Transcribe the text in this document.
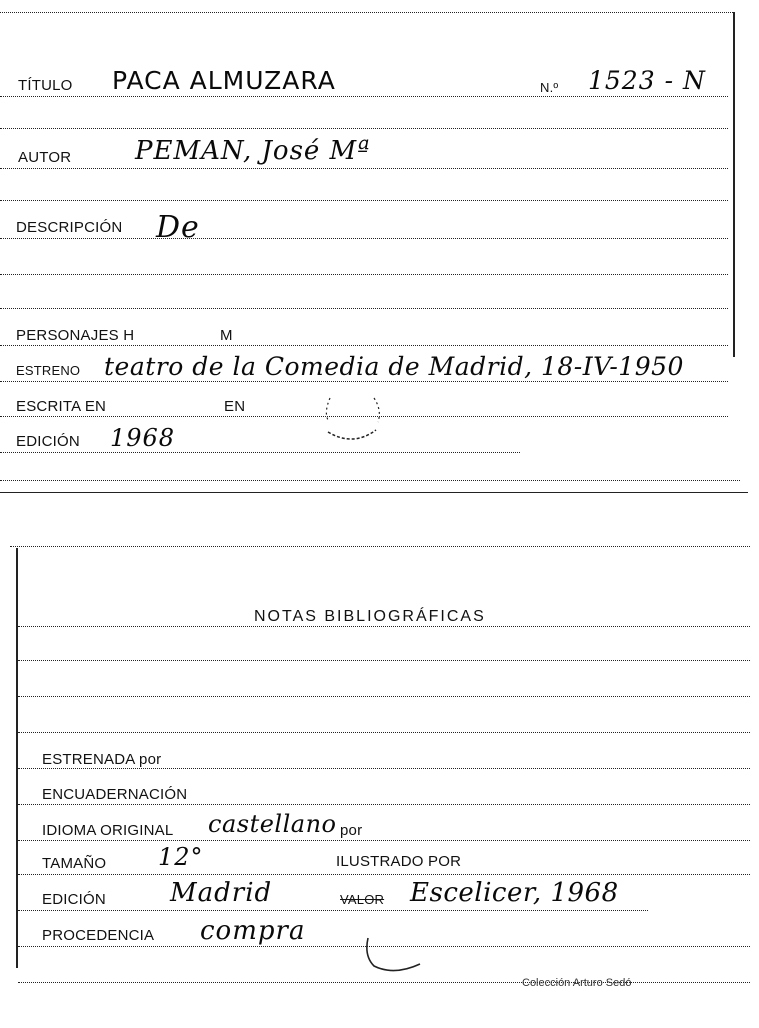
TÍTULO PACA ALMUZARA	N.º 1523 - N
AUTOR PEMAN, José Mª
DESCRIPCIÓN De
PERSONAJES H	M
ESTRENO teatro de la Comedia de Madrid, 18-IV-1950
ESCRITA EN	EN
EDICIÓN 1968
NOTAS BIBLIOGRÁFICAS
ESTRENADA por
ENCUADERNACIÓN
IDIOMA ORIGINAL castellano por
TAMAÑO 12°	ILUSTRADO POR
EDICIÓN Madrid	VALOR Escelicer, 1968
PROCEDENCIA compra
Colección Arturo Sedó
